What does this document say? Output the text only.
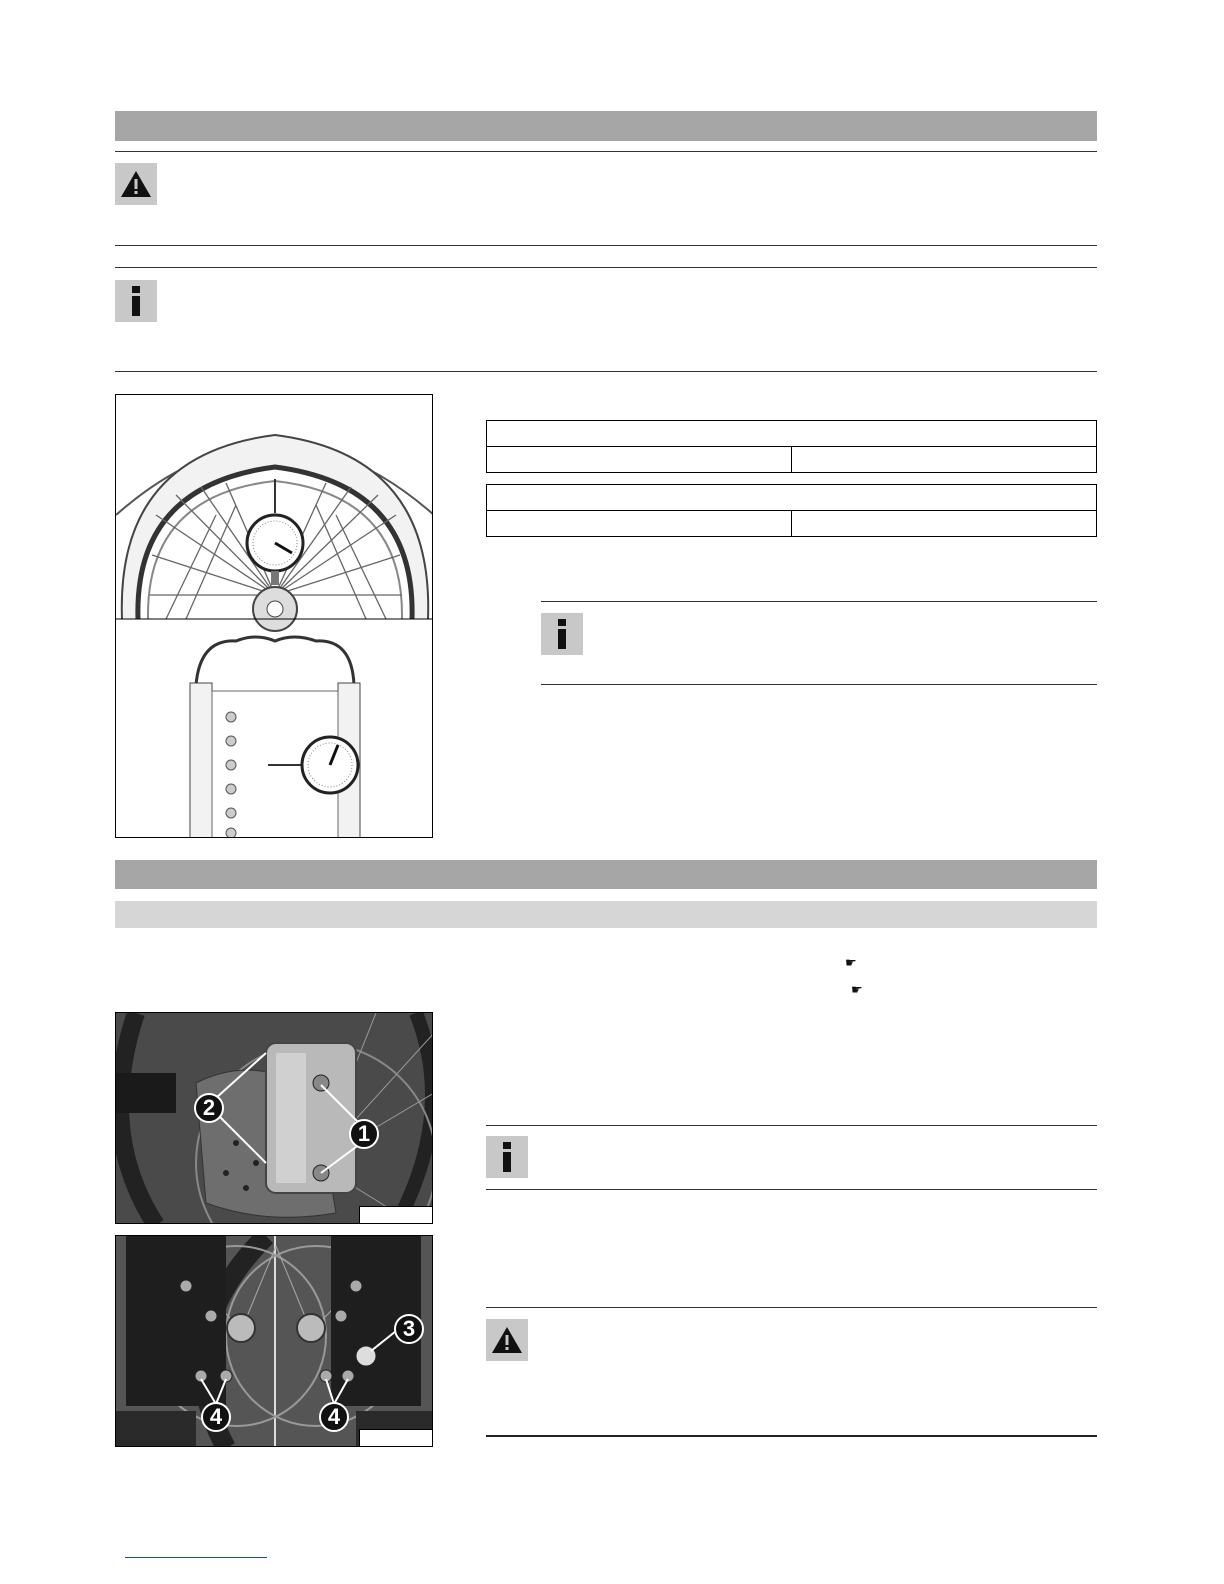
☛
☛
2
1
3
4	4
